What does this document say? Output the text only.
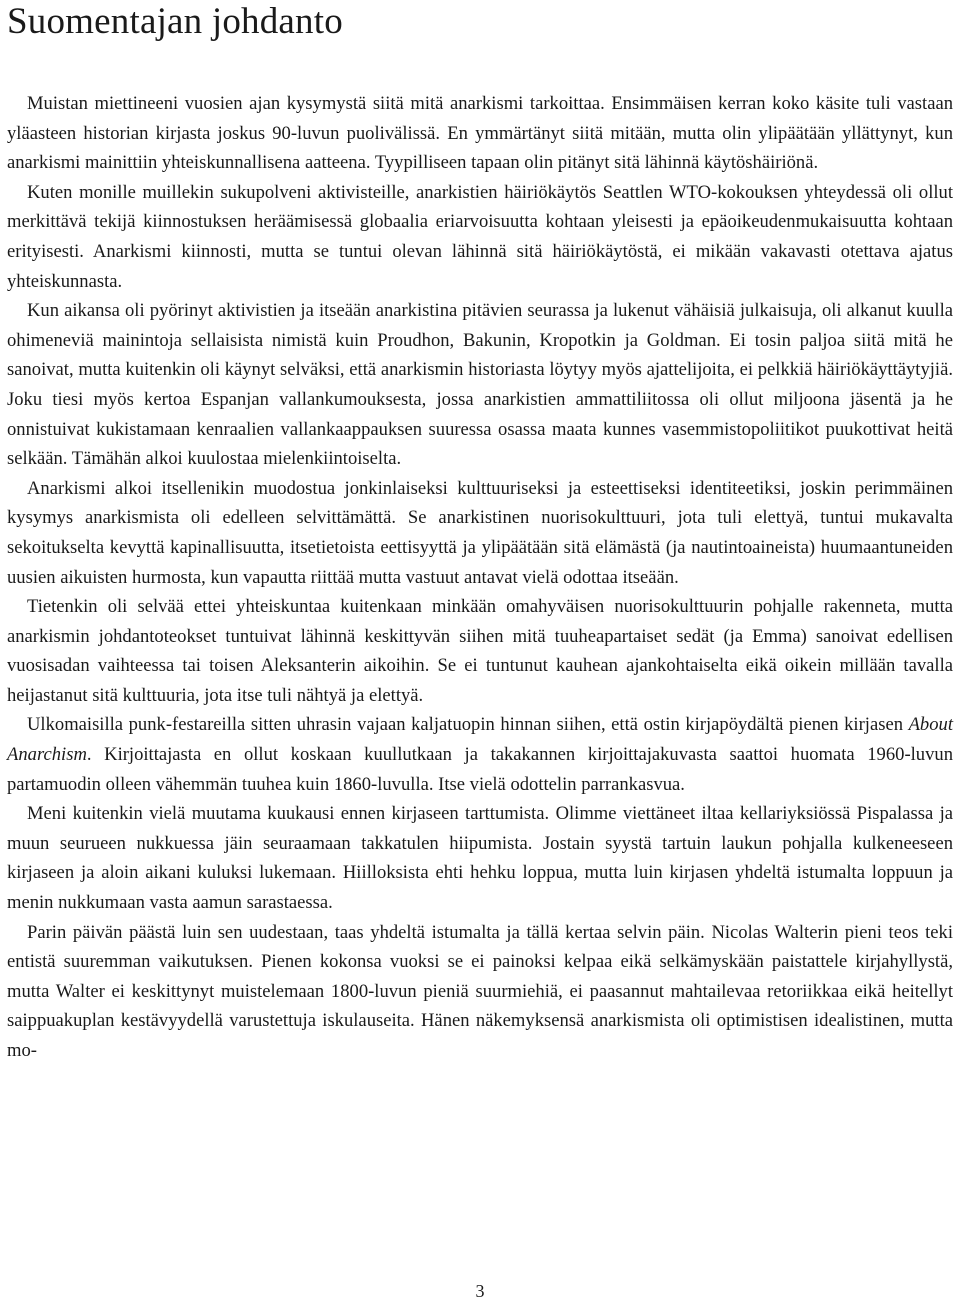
Suomentajan johdanto

Muistan miettineeni vuosien ajan kysymystä siitä mitä anarkismi tarkoittaa. Ensimmäisen kerran koko käsite tuli vastaan yläasteen historian kirjasta joskus 90-luvun puolivälissä. En ymmärtänyt siitä mitään, mutta olin ylipäätään yllättynyt, kun anarkismi mainittiin yhteiskunnallisena aatteena. Tyypilliseen tapaan olin pitänyt sitä lähinnä käytöshäiriönä.

Kuten monille muillekin sukupolveni aktivisteille, anarkistien häiriökäytös Seattlen WTO-kokouksen yhteydessä oli ollut merkittävä tekijä kiinnostuksen heräämisessä globaalia eriarvoisuutta kohtaan yleisesti ja epäoikeudenmukaisuutta kohtaan erityisesti. Anarkismi kiinnosti, mutta se tuntui olevan lähinnä sitä häiriökäytöstä, ei mikään vakavasti otettava ajatus yhteiskunnasta.

Kun aikansa oli pyörinyt aktivistien ja itseään anarkistina pitävien seurassa ja lukenut vähäisiä julkaisuja, oli alkanut kuulla ohimeneviä mainintoja sellaisista nimistä kuin Proudhon, Bakunin, Kropotkin ja Goldman. Ei tosin paljoa siitä mitä he sanoivat, mutta kuitenkin oli käynyt selväksi, että anarkismin historiasta löytyy myös ajattelijoita, ei pelkkiä häiriökäyttäytyjiä. Joku tiesi myös kertoa Espanjan vallankumouksesta, jossa anarkistien ammattiliitossa oli ollut miljoona jäsentä ja he onnistuivat kukistamaan kenraalien vallankaappauksen suuressa osassa maata kunnes vasemmistopoliitikot puukottivat heitä selkään. Tämähän alkoi kuulostaa mielenkiintoiselta.

Anarkismi alkoi itsellenikin muodostua jonkinlaiseksi kulttuuriseksi ja esteettiseksi identiteetiksi, joskin perimmäinen kysymys anarkismista oli edelleen selvittämättä. Se anarkistinen nuorisokulttuuri, jota tuli elettyä, tuntui mukavalta sekoitukselta kevyttä kapinallisuutta, itsetietoista eettisyyttä ja ylipäätään sitä elämästä (ja nautintoaineista) huumaantuneiden uusien aikuisten hurmosta, kun vapautta riittää mutta vastuut antavat vielä odottaa itseään.

Tietenkin oli selvää ettei yhteiskuntaa kuitenkaan minkään omahyväisen nuorisokulttuurin pohjalle rakenneta, mutta anarkismin johdantoteokset tuntuivat lähinnä keskittyvän siihen mitä tuuheapartaiset sedät (ja Emma) sanoivat edellisen vuosisadan vaihteessa tai toisen Aleksanterin aikoihin. Se ei tuntunut kauhean ajankohtaiselta eikä oikein millään tavalla heijastanut sitä kulttuuria, jota itse tuli nähtyä ja elettyä.

Ulkomaisilla punk-festareilla sitten uhrasin vajaan kaljatuopin hinnan siihen, että ostin kirjapöydältä pienen kirjasen About Anarchism. Kirjoittajasta en ollut koskaan kuullutkaan ja takakannen kirjoittajakuvasta saattoi huomata 1960-luvun partamuodin olleen vähemmän tuuhea kuin 1860-luvulla. Itse vielä odottelin parrankasvua.

Meni kuitenkin vielä muutama kuukausi ennen kirjaseen tarttumista. Olimme viettäneet iltaa kellariyksiössä Pispalassa ja muun seurueen nukkuessa jäin seuraamaan takkatulen hiipumista. Jostain syystä tartuin laukun pohjalla kulkeneeseen kirjaseen ja aloin aikani kuluksi lukemaan. Hiilloksista ehti hehku loppua, mutta luin kirjasen yhdeltä istumalta loppuun ja menin nukkumaan vasta aamun sarastaessa.

Parin päivän päästä luin sen uudestaan, taas yhdeltä istumalta ja tällä kertaa selvin päin. Nicolas Walterin pieni teos teki entistä suuremman vaikutuksen. Pienen kokonsa vuoksi se ei painoksi kelpaa eikä selkämyskään paistattele kirjahyllystä, mutta Walter ei keskittynyt muistelemaan 1800-luvun pieniä suurmiehiä, ei paasannut mahtailevaa retoriikkaa eikä heitellyt saippuakuplan kestävyydellä varustettuja iskulauseita. Hänen näkemyksensä anarkismista oli optimistisen idealistinen, mutta mo-

3
